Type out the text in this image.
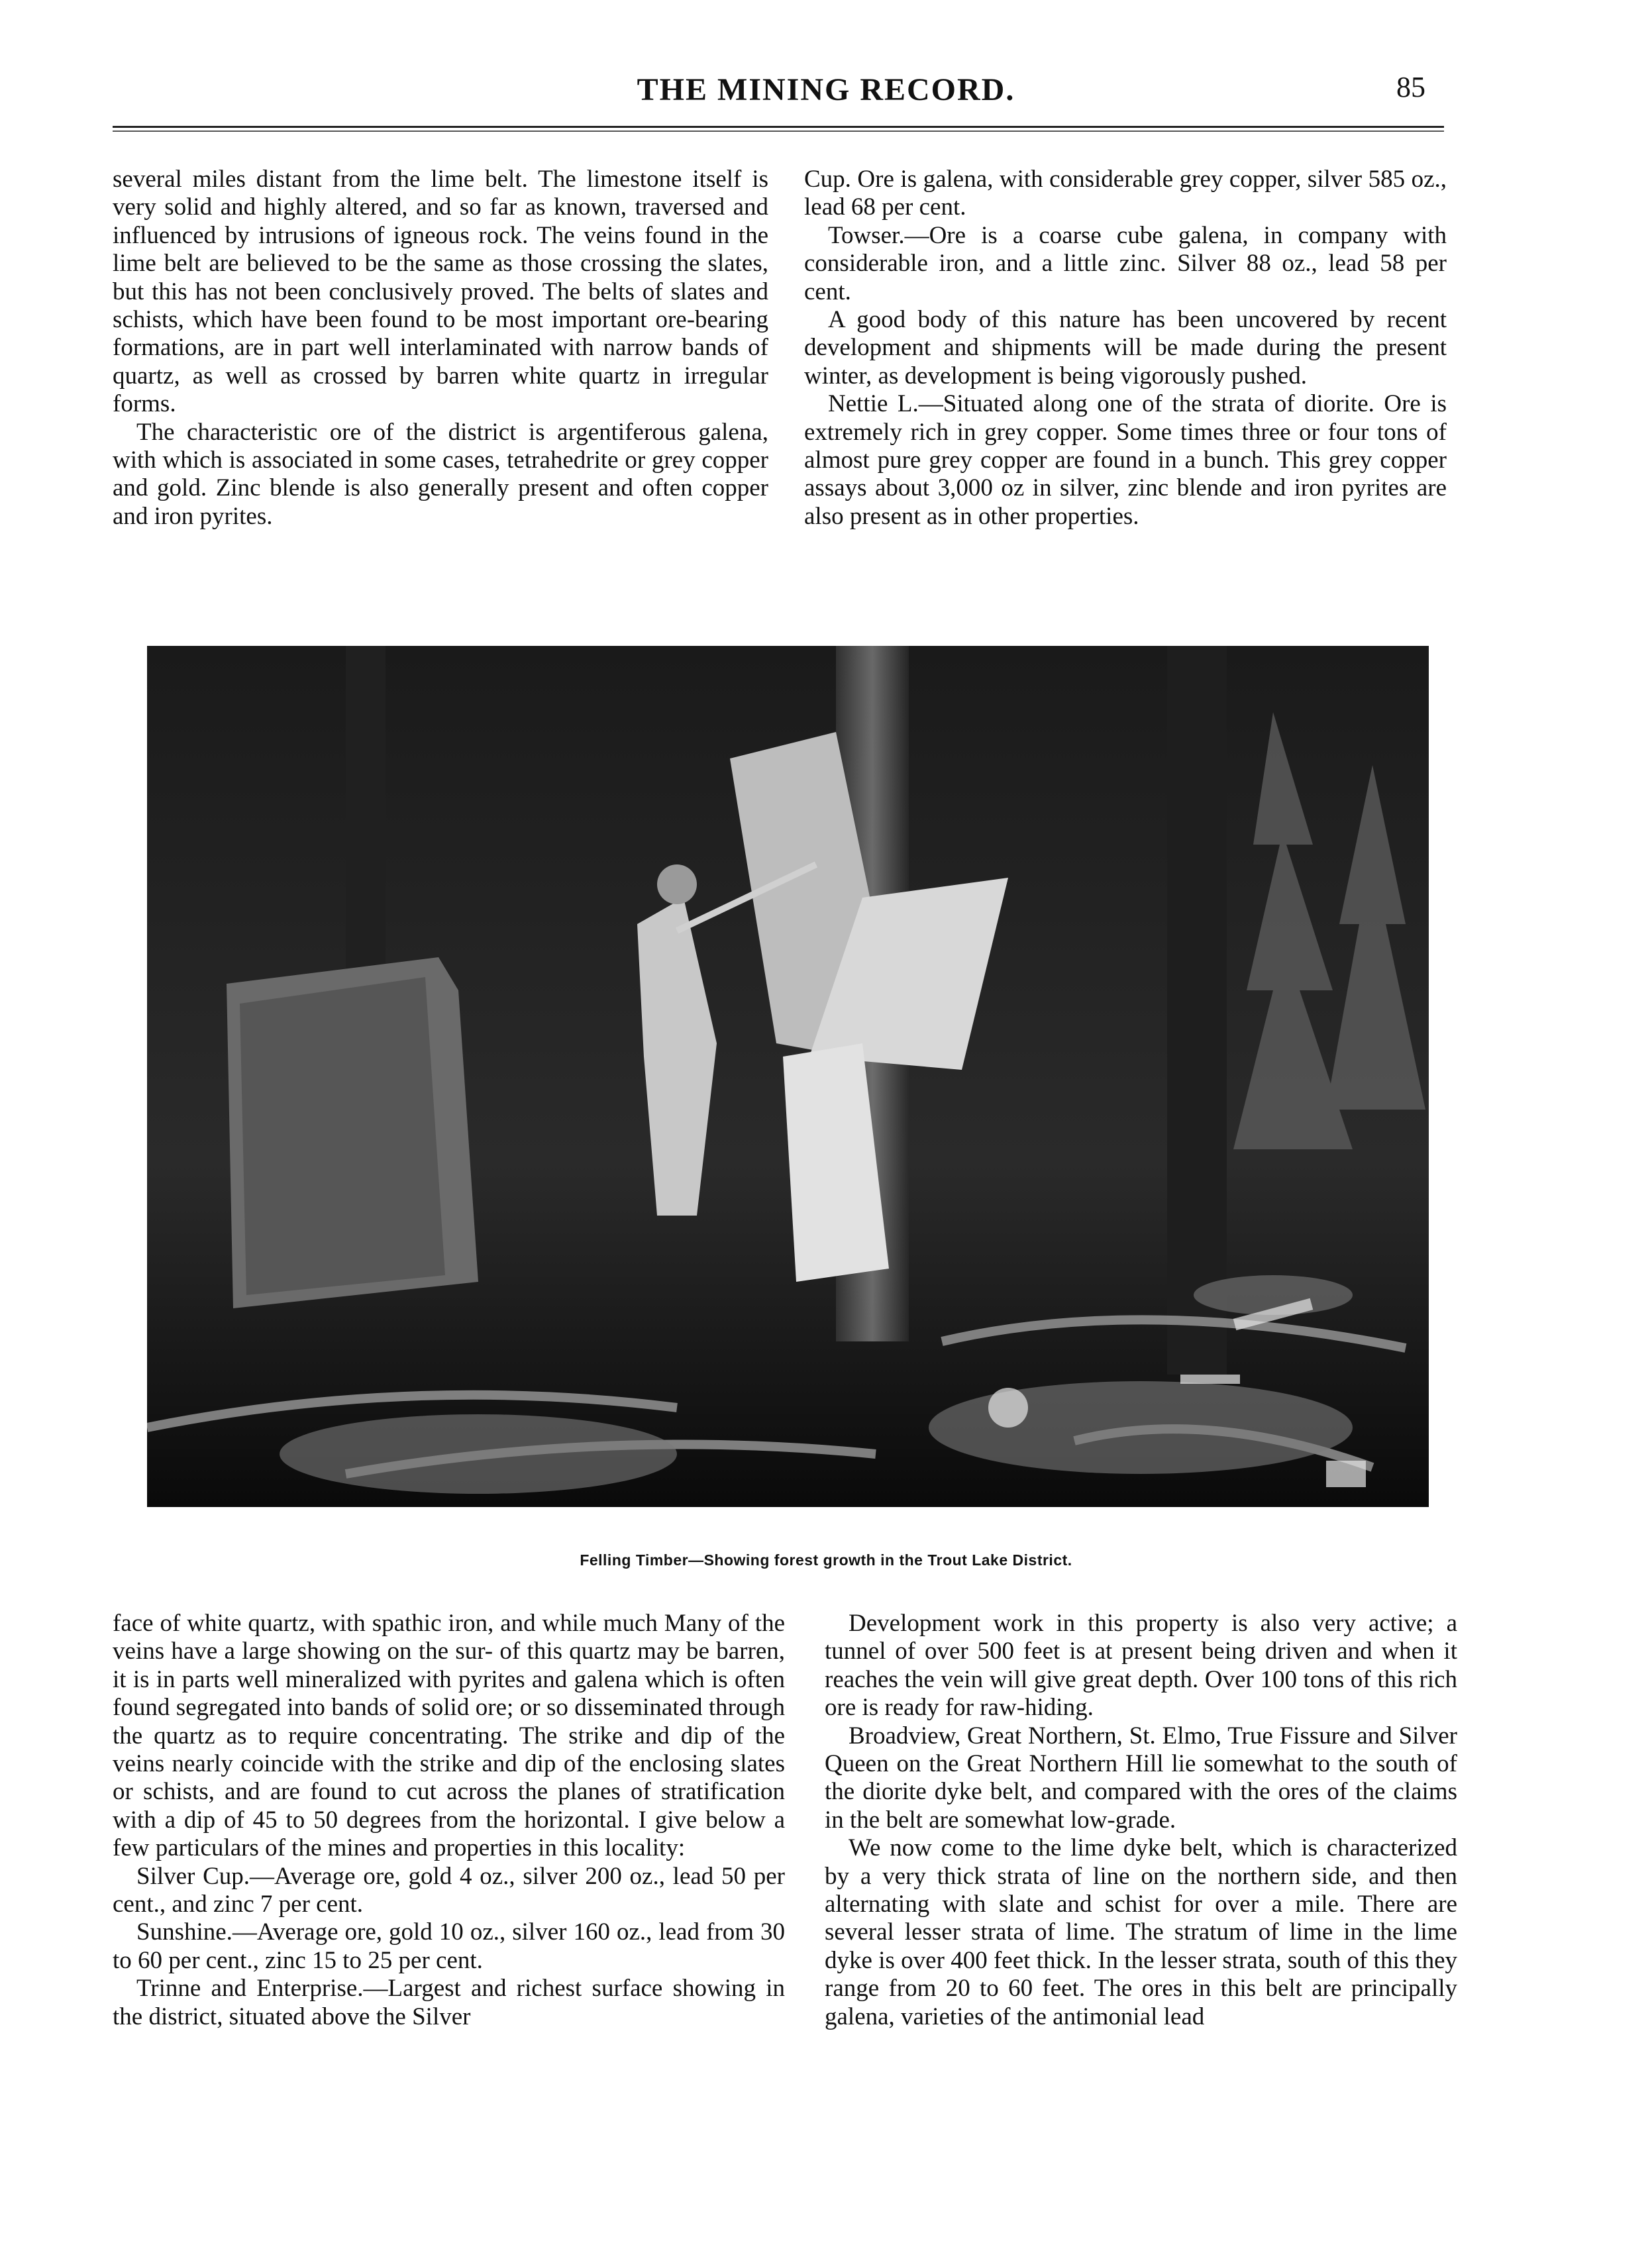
THE MINING RECORD.	85

several miles distant from the lime belt. The limestone itself is very solid and highly altered, and so far as known, traversed and influenced by intrusions of igneous rock. The veins found in the lime belt are believed to be the same as those crossing the slates, but this has not been conclusively proved. The belts of slates and schists, which have been found to be most important ore-bearing formations, are in part well interlaminated with narrow bands of quartz, as well as crossed by barren white quartz in irregular forms.

The characteristic ore of the district is argentiferous galena, with which is associated in some cases, tetrahedrite or grey copper and gold. Zinc blende is also generally present and often copper and iron pyrites.

Cup. Ore is galena, with considerable grey copper, silver 585 oz., lead 68 per cent.

Towser.—Ore is a coarse cube galena, in company with considerable iron, and a little zinc. Silver 88 oz., lead 58 per cent.

A good body of this nature has been uncovered by recent development and shipments will be made during the present winter, as development is being vigorously pushed.

Nettie L.—Situated along one of the strata of diorite. Ore is extremely rich in grey copper. Some times three or four tons of almost pure grey copper are found in a bunch. This grey copper assays about 3,000 oz in silver, zinc blende and iron pyrites are also present as in other properties.

Felling Timber—Showing forest growth in the Trout Lake District.

face of white quartz, with spathic iron, and while much Many of the veins have a large showing on the sur- of this quartz may be barren, it is in parts well mineralized with pyrites and galena which is often found segregated into bands of solid ore; or so disseminated through the quartz as to require concentrating. The strike and dip of the veins nearly coincide with the strike and dip of the enclosing slates or schists, and are found to cut across the planes of stratification with a dip of 45 to 50 degrees from the horizontal. I give below a few particulars of the mines and properties in this locality:

Silver Cup.—Average ore, gold 4 oz., silver 200 oz., lead 50 per cent., and zinc 7 per cent.

Sunshine.—Average ore, gold 10 oz., silver 160 oz., lead from 30 to 60 per cent., zinc 15 to 25 per cent.

Trinne and Enterprise.—Largest and richest surface showing in the district, situated above the Silver

Development work in this property is also very active; a tunnel of over 500 feet is at present being driven and when it reaches the vein will give great depth. Over 100 tons of this rich ore is ready for raw-hiding.

Broadview, Great Northern, St. Elmo, True Fissure and Silver Queen on the Great Northern Hill lie somewhat to the south of the diorite dyke belt, and compared with the ores of the claims in the belt are somewhat low-grade.

We now come to the lime dyke belt, which is characterized by a very thick strata of line on the northern side, and then alternating with slate and schist for over a mile. There are several lesser strata of lime. The stratum of lime in the lime dyke is over 400 feet thick. In the lesser strata, south of this they range from 20 to 60 feet. The ores in this belt are principally galena, varieties of the antimonial lead
